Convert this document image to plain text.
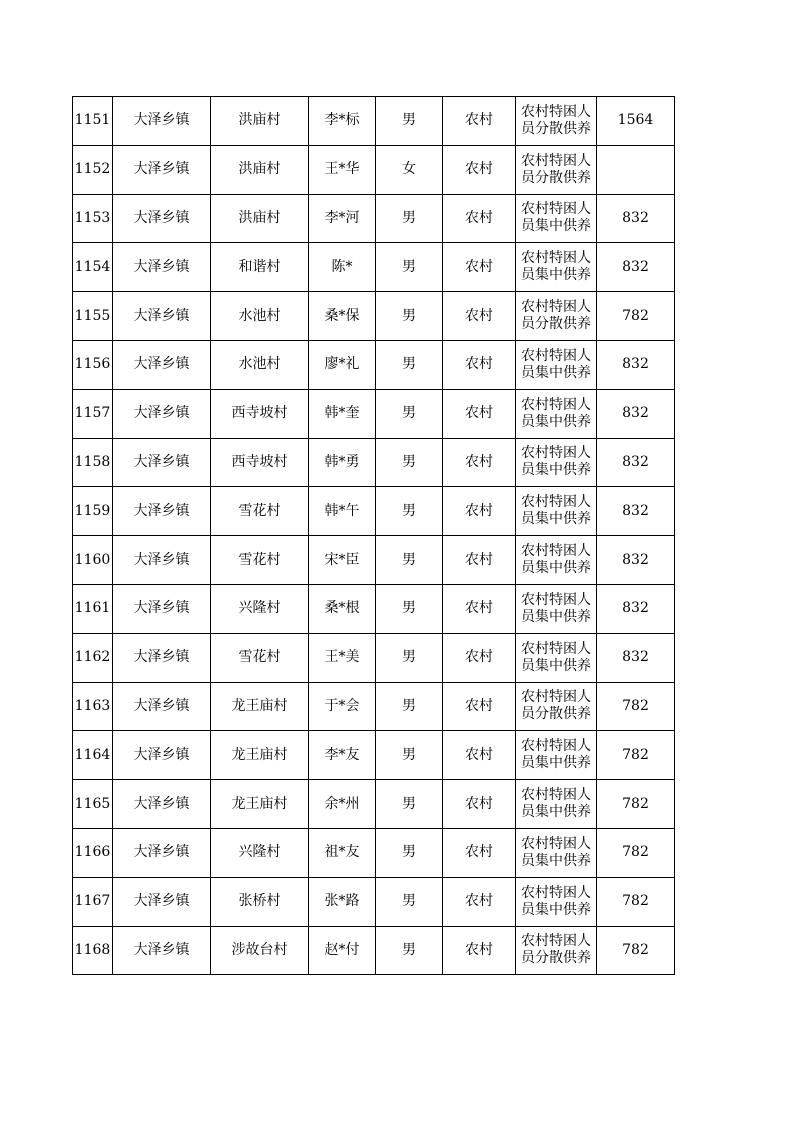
1151	大泽乡镇	洪庙村	李*标	男	农村	农村特困人员分散供养	1564
1152	大泽乡镇	洪庙村	王*华	女	农村	农村特困人员分散供养	
1153	大泽乡镇	洪庙村	李*河	男	农村	农村特困人员集中供养	832
1154	大泽乡镇	和谐村	陈*	男	农村	农村特困人员集中供养	832
1155	大泽乡镇	水池村	桑*保	男	农村	农村特困人员分散供养	782
1156	大泽乡镇	水池村	廖*礼	男	农村	农村特困人员集中供养	832
1157	大泽乡镇	西寺坡村	韩*奎	男	农村	农村特困人员集中供养	832
1158	大泽乡镇	西寺坡村	韩*勇	男	农村	农村特困人员集中供养	832
1159	大泽乡镇	雪花村	韩*午	男	农村	农村特困人员集中供养	832
1160	大泽乡镇	雪花村	宋*臣	男	农村	农村特困人员集中供养	832
1161	大泽乡镇	兴隆村	桑*根	男	农村	农村特困人员集中供养	832
1162	大泽乡镇	雪花村	王*美	男	农村	农村特困人员集中供养	832
1163	大泽乡镇	龙王庙村	于*会	男	农村	农村特困人员分散供养	782
1164	大泽乡镇	龙王庙村	李*友	男	农村	农村特困人员集中供养	782
1165	大泽乡镇	龙王庙村	余*州	男	农村	农村特困人员集中供养	782
1166	大泽乡镇	兴隆村	祖*友	男	农村	农村特困人员集中供养	782
1167	大泽乡镇	张桥村	张*路	男	农村	农村特困人员集中供养	782
1168	大泽乡镇	涉故台村	赵*付	男	农村	农村特困人员分散供养	782
